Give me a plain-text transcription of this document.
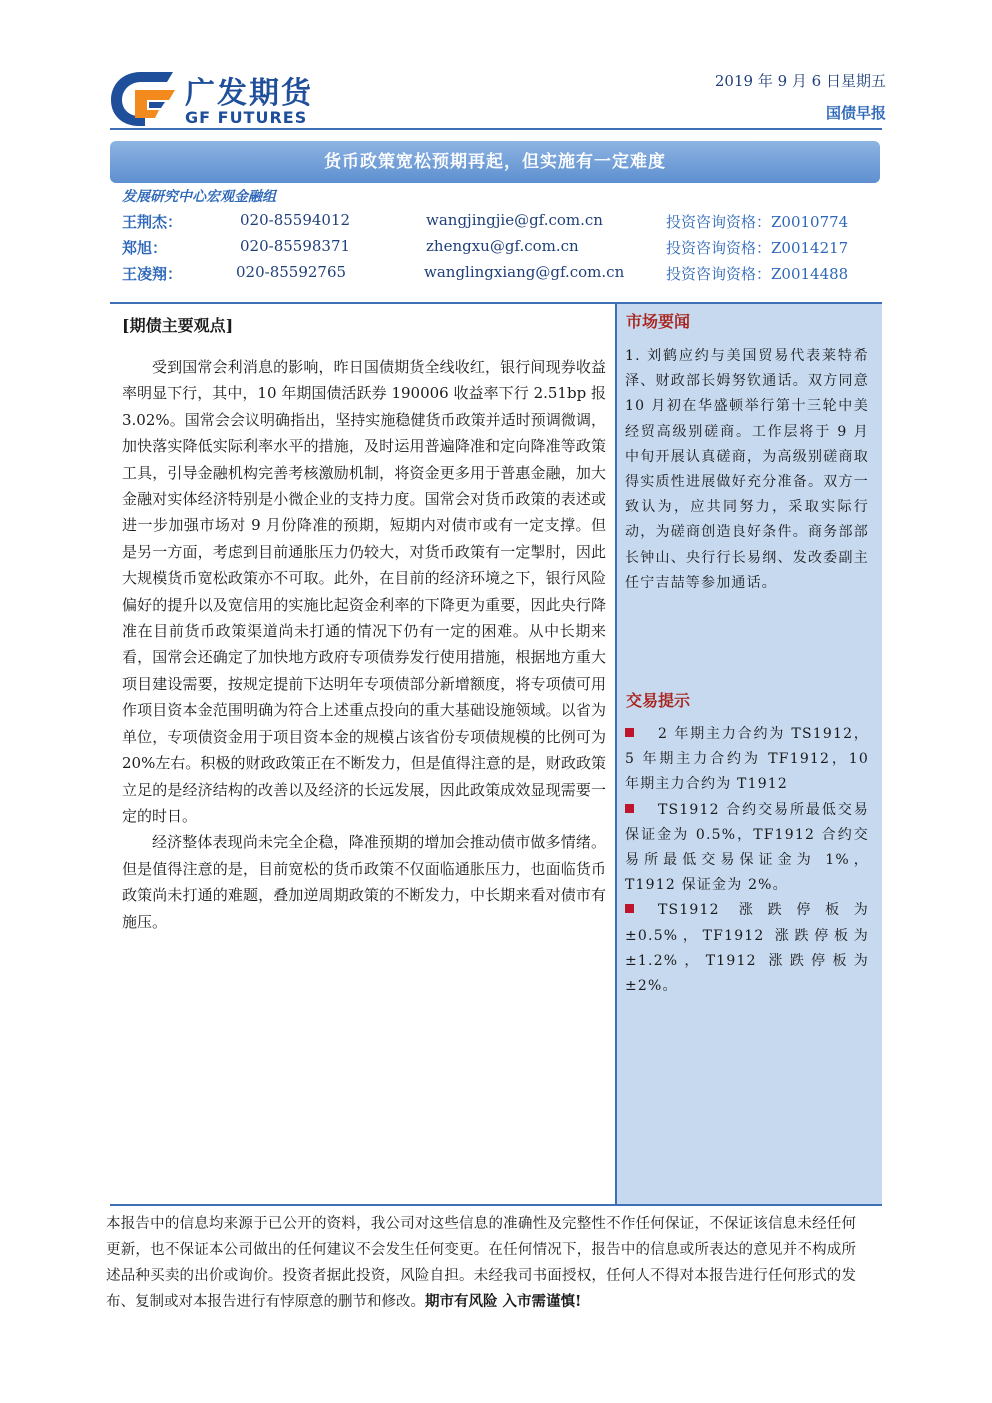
广发期货
GF FUTURES
2019 年 9 月 6 日星期五
国债早报
货币政策宽松预期再起，但实施有一定难度
发展研究中心宏观金融组
王荆杰：	020-85594012	wangjingjie@gf.com.cn	投资咨询资格：Z0010774
郑旭：	020-85598371	zhengxu@gf.com.cn	投资咨询资格：Z0014217
王凌翔：	020-85592765	wanglingxiang@gf.com.cn	投资咨询资格：Z0014488
[期债主要观点]

受到国常会利消息的影响，昨日国债期货全线收红，银行间现券收益率明显下行，其中，10 年期国债活跃券 190006 收益率下行 2.51bp 报 3.02%。国常会会议明确指出，坚持实施稳健货币政策并适时预调微调，加快落实降低实际利率水平的措施，及时运用普遍降准和定向降准等政策工具，引导金融机构完善考核激励机制，将资金更多用于普惠金融，加大金融对实体经济特别是小微企业的支持力度。国常会对货币政策的表述或进一步加强市场对 9 月份降准的预期，短期内对债市或有一定支撑。但是另一方面，考虑到目前通胀压力仍较大，对货币政策有一定掣肘，因此大规模货币宽松政策亦不可取。此外，在目前的经济环境之下，银行风险偏好的提升以及宽信用的实施比起资金利率的下降更为重要，因此央行降准在目前货币政策渠道尚未打通的情况下仍有一定的困难。从中长期来看，国常会还确定了加快地方政府专项债券发行使用措施，根据地方重大项目建设需要，按规定提前下达明年专项债部分新增额度，将专项债可用作项目资本金范围明确为符合上述重点投向的重大基础设施领域。以省为单位，专项债资金用于项目资本金的规模占该省份专项债规模的比例可为 20%左右。积极的财政政策正在不断发力，但是值得注意的是，财政政策立足的是经济结构的改善以及经济的长远发展，因此政策成效显现需要一定的时日。

经济整体表现尚未完全企稳，降准预期的增加会推动债市做多情绪。但是值得注意的是，目前宽松的货币政策不仅面临通胀压力，也面临货币政策尚未打通的难题，叠加逆周期政策的不断发力，中长期来看对债市有施压。

市场要闻
1. 刘鹤应约与美国贸易代表莱特希泽、财政部长姆努钦通话。双方同意 10 月初在华盛顿举行第十三轮中美经贸高级别磋商。工作层将于 9 月中旬开展认真磋商，为高级别磋商取得实质性进展做好充分准备。双方一致认为，应共同努力，采取实际行动，为磋商创造良好条件。商务部部长钟山、央行行长易纲、发改委副主任宁吉喆等参加通话。
交易提示

2 年期主力合约为 TS1912，5 年期主力合约为 TF1912，10 年期主力合约为 T1912

TS1912 合约交易所最低交易保证金为 0.5%，TF1912 合约交易所最低交易保证金为 1%，T1912 保证金为 2%。

TS1912 涨跌停板为 ±0.5%，TF1912 涨跌停板为 ±1.2%，T1912 涨跌停板为 ±2%。

本报告中的信息均来源于已公开的资料，我公司对这些信息的准确性及完整性不作任何保证，不保证该信息未经任何更新，也不保证本公司做出的任何建议不会发生任何变更。在任何情况下，报告中的信息或所表达的意见并不构成所述品种买卖的出价或询价。投资者据此投资，风险自担。未经我司书面授权，任何人不得对本报告进行任何形式的发布、复制或对本报告进行有悖原意的删节和修改。期市有风险 入市需谨慎!
